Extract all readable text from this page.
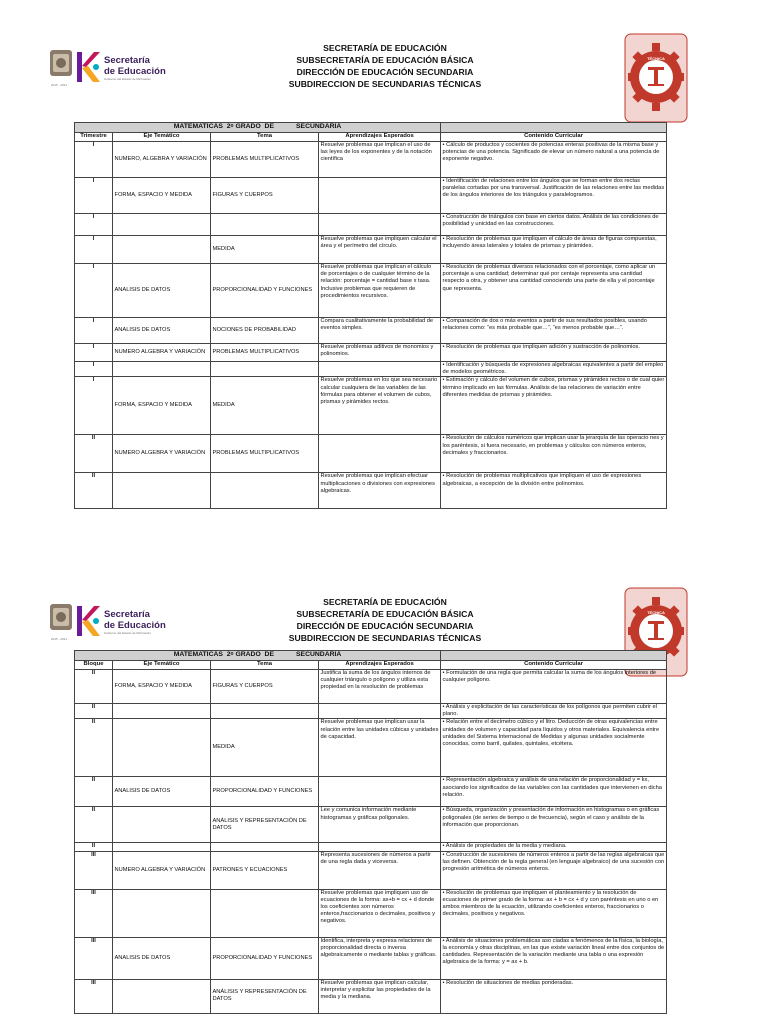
2015 - 2021
Secretaría
de Educación
Gobierno del Estado de Michoacán
SECRETARÍA DE EDUCACIÓN
SUBSECRETARÍA DE EDUCACIÓN BÁSICA
DIRECCIÓN DE EDUCACIÓN SECUNDARIA
SUBDIRECCION DE SECUNDARIAS TÉCNICAS
TÉCNICA
MATEMATICAS 2$^o$ GRADO DE SECUNDARIA				

Trimestre	Eje Temático	Tema	Aprendizajes Esperados	Contenido Curricular
I	NUMERO, ALGEBRA Y VARIACIÓN	PROBLEMAS MULTIPLICATIVOS	Resuelve problemas que implican el uso de las leyes de los exponentes y de la notación científica	• Cálculo de productos y cocientes de potencias enteras positivas de la misma base y potencias de una potencia. Significado de elevar un número natural a una potencia de exponente negativo.
I	FORMA, ESPACIO Y MEDIDA	FIGURAS Y CUERPOS		• Identificación de relaciones entre los ángulos que se forman entre dos rectas paralelas cortadas por una transversal. Justificación de las relaciones entre las medidas de los ángulos interiores de los triángulos y paralelogramos.
I				• Construcción de triángulos con base en ciertos datos. Análisis de las condiciones de posibilidad y unicidad en las construcciones.
I		MEDIDA	Resuelve problemas que impliquen calcular el área y el perímetro del círculo.	• Resolución de problemas que impliquen el cálculo de áreas de figuras compuestas, incluyendo áreas laterales y totales de prismas y pirámides.
I	ANALISIS DE DATOS	PROPORCIONALIDAD Y FUNCIONES	Resuelve problemas que implican el cálculo de porcentajes o de cualquier término de la relación: porcentaje = cantidad base x tasa. Inclusive problemas que requieren de procedimientos recursivos.	• Resolución de problemas diversos relacionados con el porcentaje, como aplicar un porcentaje a una cantidad; determinar qué por centaje representa una cantidad respecto a otra, y obtener una cantidad conociendo una parte de ella y el porcentaje que representa.
I	ANALISIS DE DATOS	NOCIONES DE PROBABILIDAD	Compara cualitativamente la probabilidad de eventos simples.	• Comparación de dos o más eventos a partir de sus resultados posibles, usando relaciones como: “es más probable que…”, “es menos probable que…”.
I	NUMERO ALGEBRA Y VARIACIÓN	PROBLEMAS MULTIPLICATIVOS	Resuelve problemas aditivos de monomios y polinomios.	• Resolución de problemas que impliquen adición y sustracción de polinomios.
I				• Identificación y búsqueda de expresiones algebraicas equivalentes a partir del empleo de modelos geométricos.
I	FORMA, ESPACIO Y MEDIDA	MEDIDA	Resuelve problemas en los que sea necesario calcular cualquiera de las variables de las fórmulas para obtener el volumen de cubos, prismas y pirámides rectos.	• Estimación y cálculo del volumen de cubos, prismas y pirámides rectos o de cual quier término implicado en las fórmulas. Análisis de las relaciones de variación entre diferentes medidas de prismas y pirámides.
II	NUMERO ALGEBRA Y VARIACIÓN	PROBLEMAS MULTIPLICATIVOS		• Resolución de cálculos numéricos que implican usar la jerarquía de las operacio nes y los paréntesis, si fuera necesario, en problemas y cálculos con números enteros, decimales y fraccionarios.
II			Resuelve problemas que implican efectuar multiplicaciones o divisiones con expresiones algebraicas.	• Resolución de problemas multiplicativos que impliquen el uso de expresiones algebraicas, a excepción de la división entre polinomios.
2015 - 2021
Secretaría
de Educación
Gobierno del Estado de Michoacán
SECRETARÍA DE EDUCACIÓN
SUBSECRETARÍA DE EDUCACIÓN BÁSICA
DIRECCIÓN DE EDUCACIÓN SECUNDARIA
SUBDIRECCION DE SECUNDARIAS TÉCNICAS
TÉCNICA
MATEMATICAS 2$^o$ GRADO DE SECUNDARIA				

Bloque	Eje Temático	Tema	Aprendizajes Esperados	Contenido Curricular
II	FORMA, ESPACIO Y MEDIDA	FIGURAS Y CUERPOS	Justifica la suma de los ángulos internos de cualquier triángulo o polígono y utiliza esta propiedad en la resolución de problemas	• Formulación de una regla que permita calcular la suma de los ángulos interiores de cualquier polígono.
II				• Análisis y explicitación de las características de los polígonos que permiten cubrir el plano.
II		MEDIDA	Resuelve problemas que implican usar la relación entre las unidades cúbicas y unidades de capacidad.	• Relación entre el decímetro cúbico y el litro. Deducción de otras equivalencias entre unidades de volumen y capacidad para líquidos y otros materiales. Equivalencia entre unidades del Sistema Internacional de Medidas y algunas unidades socialmente conocidas, como barril, quilates, quintales, etcétera.
II	ANALISIS DE DATOS	PROPORCIONALIDAD Y FUNCIONES		• Representación algebraica y análisis de una relación de proporcionalidad y = kx, asociando los significados de las variables con las cantidades que intervienen en dicha relación.
II		ANÁLISIS Y REPRESENTACIÓN DE DATOS	Lee y comunica información mediante histogramas y gráficas poligonales.	• Búsqueda, organización y presentación de información en histogramas o en gráficas poligonales (de series de tiempo o de frecuencia), según el caso y análisis de la información que proporcionan.
II				• Análisis de propiedades de la media y mediana.
III	NUMERO ALGEBRA Y VARIACIÓN	PATRONES Y ECUACIONES	Representa sucesiones de números a partir de una regla dada y viceversa.	• Construcción de sucesiones de números enteros a partir de las reglas algebraicas que las definen. Obtención de la regla general (en lenguaje algebraico) de una sucesión con progresión aritmética de números enteros.
III			Resuelve problemas que impliquen uso de ecuaciones de la forma: ax+b = cx + d donde los coeficientes son números enteros,fraccionarios o decimales, positivos y negativos.	• Resolución de problemas que impliquen el planteamiento y la resolución de ecuaciones de primer grado de la forma: ax + b = cx + d y con paréntesis en uno o en ambos miembros de la ecuación, utilizando coeficientes enteros, fraccionarios o decimales, positivos y negativos.
III	ANALISIS DE DATOS	PROPORCIONALIDAD Y FUNCIONES	Identifica, interpreta y expresa relaciones de proporcionalidad directa o inversa algebraicamente o mediante tablas y gráficas.	• Análisis de situaciones problemáticas aso ciadas a fenómenos de la física, la biología, la economía y otras disciplinas, en las que existe variación lineal entre dos conjuntos de cantidades. Representación de la variación mediante una tabla o una expresión algebraica de la forma: y = ax + b.
III		ANÁLISIS Y REPRESENTACIÓN DE DATOS	Resuelve problemas que implican calcular, interpretar y explicitar las propiedades de la media y la mediana.	• Resolución de situaciones de medias ponderadas.
